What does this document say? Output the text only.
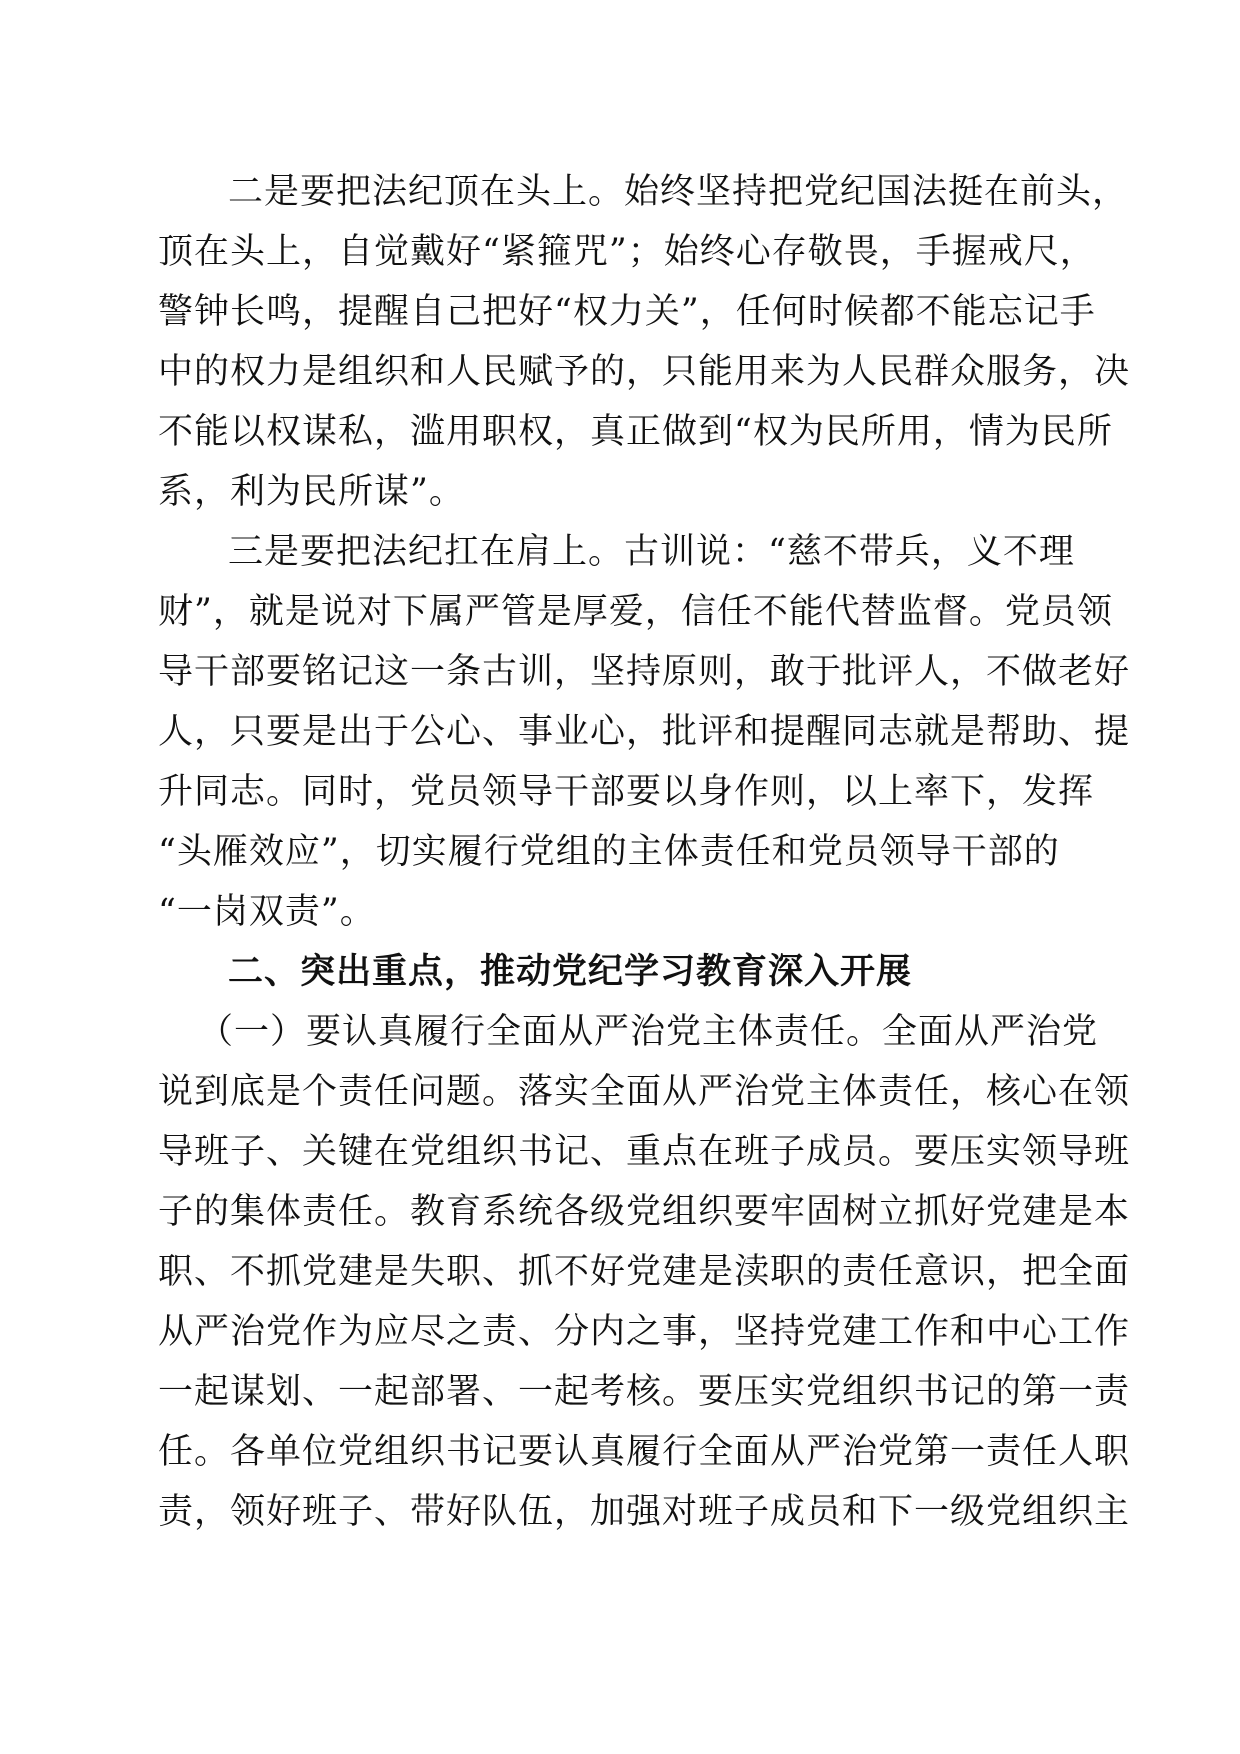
二是要把法纪顶在头上。始终坚持把党纪国法挺在前头，
顶在头上，自觉戴好“紧箍咒”；始终心存敬畏，手握戒尺，
警钟长鸣，提醒自己把好“权力关”，任何时候都不能忘记手
中的权力是组织和人民赋予的，只能用来为人民群众服务，决
不能以权谋私，滥用职权，真正做到“权为民所用，情为民所
系，利为民所谋”。
三是要把法纪扛在肩上。古训说：“慈不带兵，义不理
财”，就是说对下属严管是厚爱，信任不能代替监督。党员领
导干部要铭记这一条古训，坚持原则，敢于批评人，不做老好
人，只要是出于公心、事业心，批评和提醒同志就是帮助、提
升同志。同时，党员领导干部要以身作则，以上率下，发挥
“头雁效应”，切实履行党组的主体责任和党员领导干部的
“一岗双责”。
二、突出重点，推动党纪学习教育深入开展
（一）要认真履行全面从严治党主体责任。全面从严治党
说到底是个责任问题。落实全面从严治党主体责任，核心在领
导班子、关键在党组织书记、重点在班子成员。要压实领导班
子的集体责任。教育系统各级党组织要牢固树立抓好党建是本
职、不抓党建是失职、抓不好党建是渎职的责任意识，把全面
从严治党作为应尽之责、分内之事，坚持党建工作和中心工作
一起谋划、一起部署、一起考核。要压实党组织书记的第一责
任。各单位党组织书记要认真履行全面从严治党第一责任人职
责，领好班子、带好队伍，加强对班子成员和下一级党组织主
